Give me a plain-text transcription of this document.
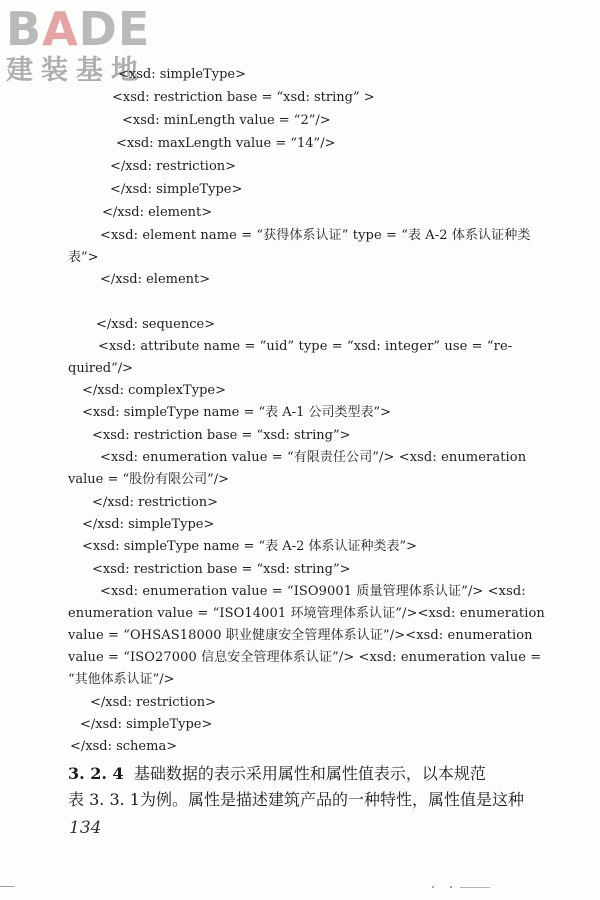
BADE
建装基地
<xsd: simpleType>
<xsd: restriction base = “xsd: string” >
<xsd: minLength value = “2”/>
<xsd: maxLength value = “14”/>
</xsd: restriction>
</xsd: simpleType>
</xsd: element>
<xsd: element name = “获得体系认证” type = “表 A-2 体系认证种类
表”>
</xsd: element>
</xsd: sequence>
<xsd: attribute name = “uid” type = “xsd: integer” use = “re-
quired”/>
</xsd: complexType>
<xsd: simpleType name = “表 A-1 公司类型表”>
<xsd: restriction base = “xsd: string”>
<xsd: enumeration value = “有限责任公司”/> <xsd: enumeration
value = “股份有限公司”/>
</xsd: restriction>
</xsd: simpleType>
<xsd: simpleType name = “表 A-2 体系认证种类表”>
<xsd: restriction base = “xsd: string”>
<xsd: enumeration value = “ISO9001 质量管理体系认证”/> <xsd:
enumeration value = “ISO14001 环境管理体系认证”/><xsd: enumeration
value = “OHSAS18000 职业健康安全管理体系认证”/><xsd: enumeration
value = “ISO27000 信息安全管理体系认证”/> <xsd: enumeration value =
“其他体系认证”/>
</xsd: restriction>
</xsd: simpleType>
</xsd: schema>
3. 2. 4 基础数据的表示采用属性和属性值表示，以本规范
表 3. 3. 1为例。属性是描述建筑产品的一种特性，属性值是这种
134
